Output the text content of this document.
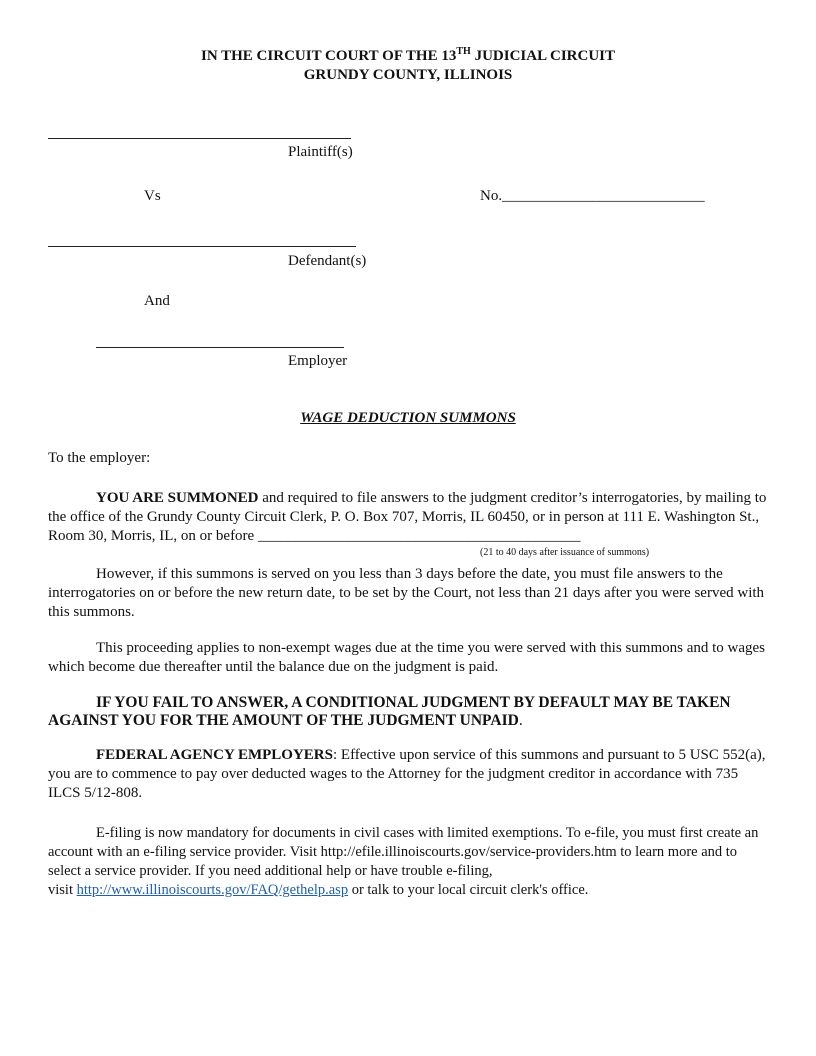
IN THE CIRCUIT COURT OF THE 13TH JUDICIAL CIRCUIT
GRUNDY COUNTY, ILLINOIS
Plaintiff(s)
Vs	No.___________________________
Defendant(s)
And
Employer
WAGE DEDUCTION SUMMONS
To the employer:
YOU ARE SUMMONED and required to file answers to the judgment creditor’s interrogatories, by mailing to the office of the Grundy County Circuit Clerk, P. O. Box 707, Morris, IL 60450, or in person at 111 E. Washington St., Room 30, Morris, IL, on or before ___________________________________________
(21 to 40 days after issuance of summons)
However, if this summons is served on you less than 3 days before the date, you must file answers to the interrogatories on or before the new return date, to be set by the Court, not less than 21 days after you were served with this summons.
This proceeding applies to non-exempt wages due at the time you were served with this summons and to wages which become due thereafter until the balance due on the judgment is paid.
IF YOU FAIL TO ANSWER, A CONDITIONAL JUDGMENT BY DEFAULT MAY BE TAKEN AGAINST YOU FOR THE AMOUNT OF THE JUDGMENT UNPAID.
FEDERAL AGENCY EMPLOYERS: Effective upon service of this summons and pursuant to 5 USC 552(a), you are to commence to pay over deducted wages to the Attorney for the judgment creditor in accordance with 735 ILCS 5/12-808.
E-filing is now mandatory for documents in civil cases with limited exemptions. To e-file, you must first create an account with an e-filing service provider. Visit http://efile.illinoiscourts.gov/service-providers.htm to learn more and to select a service provider. If you need additional help or have trouble e-filing,
visit http://www.illinoiscourts.gov/FAQ/gethelp.asp or talk to your local circuit clerk's office.
